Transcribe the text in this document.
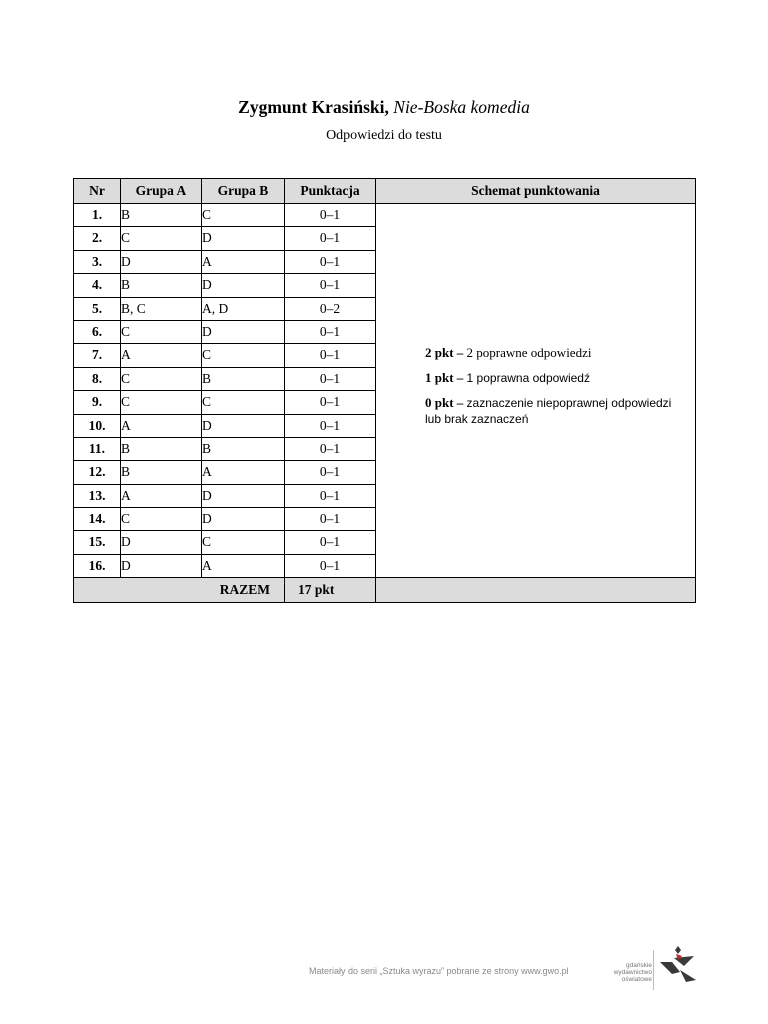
Zygmunt Krasiński, Nie-Boska komedia
Odpowiedzi do testu
Nr	Grupa A	Grupa B	Punktacja	Schemat punktowania
1.	B	C	0–1	2 pkt – 2 poprawne odpowiedzi
1 pkt – 1 poprawna odpowiedź
0 pkt – zaznaczenie niepoprawnej odpowiedzi lub brak zaznaczeń

2.	C	D	0–1	
3.	D	A	0–1	
4.	B	D	0–1	
5.	B, C	A, D	0–2	
6.	C	D	0–1	
7.	A	C	0–1	
8.	C	B	0–1	
9.	C	C	0–1	
10.	A	D	0–1	
11.	B	B	0–1	
12.	B	A	0–1	
13.	A	D	0–1	
14.	C	D	0–1	
15.	D	C	0–1	
16.	D	A	0–1	
RAZEM			17 pkt	
Materiały do serii „Sztuka wyrazu” pobrane ze strony www.gwo.pl
gdańskie
wydawnictwo
oświatowe
